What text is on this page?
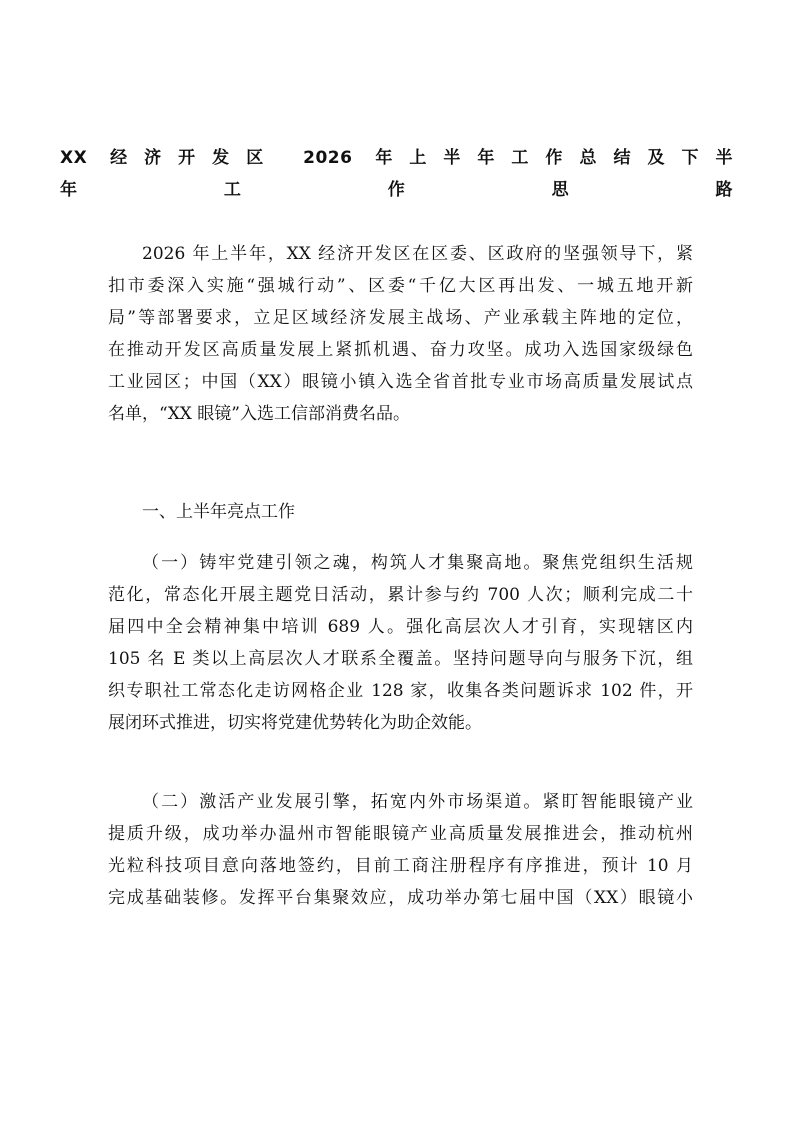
XX 经济开发区 2026 年上半年工作总结及下半
年工作思路
2026 年上半年，XX 经济开发区在区委、区政府的坚强领导下，紧
扣市委深入实施“强城行动”、区委“千亿大区再出发、一城五地开新
局”等部署要求，立足区域经济发展主战场、产业承载主阵地的定位，
在推动开发区高质量发展上紧抓机遇、奋力攻坚。成功入选国家级绿色
工业园区；中国（XX）眼镜小镇入选全省首批专业市场高质量发展试点
名单，“XX 眼镜”入选工信部消费名品。
一、上半年亮点工作
（一）铸牢党建引领之魂，构筑人才集聚高地。聚焦党组织生活规
范化，常态化开展主题党日活动，累计参与约 700 人次；顺利完成二十
届四中全会精神集中培训 689 人。强化高层次人才引育，实现辖区内
105 名 E 类以上高层次人才联系全覆盖。坚持问题导向与服务下沉，组
织专职社工常态化走访网格企业 128 家，收集各类问题诉求 102 件，开
展闭环式推进，切实将党建优势转化为助企效能。
（二）激活产业发展引擎，拓宽内外市场渠道。紧盯智能眼镜产业
提质升级，成功举办温州市智能眼镜产业高质量发展推进会，推动杭州
光粒科技项目意向落地签约，目前工商注册程序有序推进，预计 10 月
完成基础装修。发挥平台集聚效应，成功举办第七届中国（XX）眼镜小
